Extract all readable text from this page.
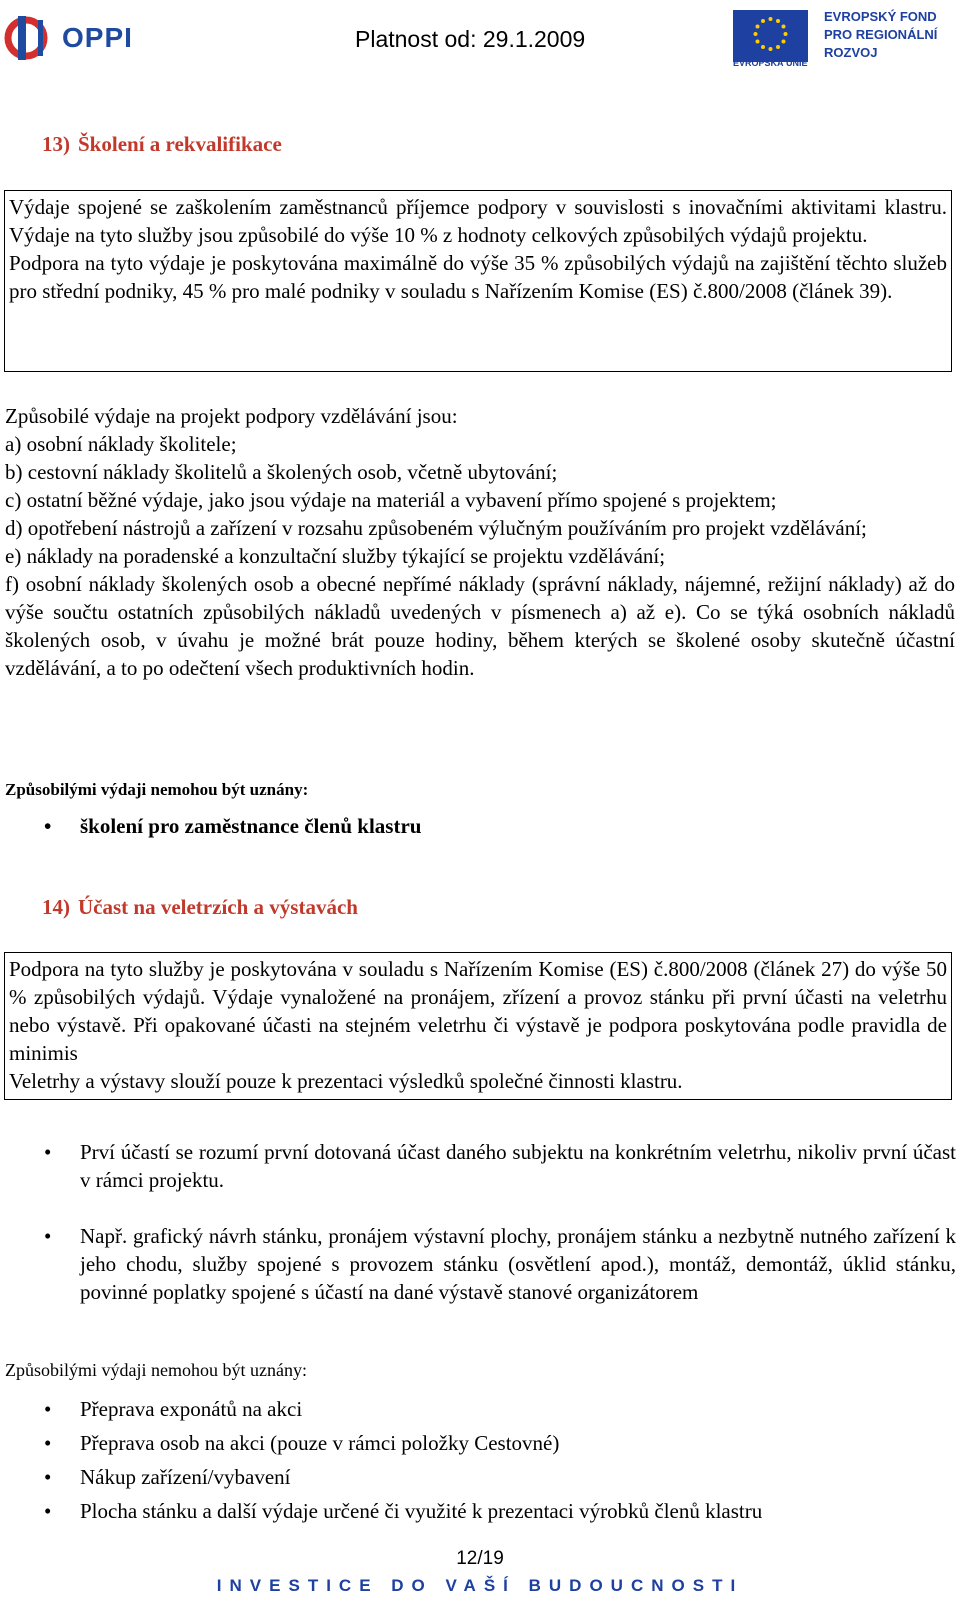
OPPI	Platnost od: 29.1.2009
EVROPSKÁ UNIE
EVROPSKÝ FOND
PRO REGIONÁLNÍ
ROZVOJ
13) Školení a rekvalifikace

Výdaje spojené se zaškolením zaměstnanců příjemce podpory v souvislosti s inovačními aktivitami klastru. Výdaje na tyto služby jsou způsobilé do výše 10 % z hodnoty celkových způsobilých výdajů projektu.

Podpora na tyto výdaje je poskytována maximálně do výše 35 % způsobilých výdajů na zajištění těchto služeb pro střední podniky, 45 % pro malé podniky v souladu s Nařízením Komise (ES) č.800/2008 (článek 39).

Způsobilé výdaje na projekt podpory vzdělávání jsou:

a) osobní náklady školitele;

b) cestovní náklady školitelů a školených osob, včetně ubytování;

c) ostatní běžné výdaje, jako jsou výdaje na materiál a vybavení přímo spojené s projektem;

d) opotřebení nástrojů a zařízení v rozsahu způsobeném výlučným používáním pro projekt vzdělávání;

e) náklady na poradenské a konzultační služby týkající se projektu vzdělávání;

f) osobní náklady školených osob a obecné nepřímé náklady (správní náklady, nájemné, režijní náklady) až do výše součtu ostatních způsobilých nákladů uvedených v písmenech a) až e). Co se týká osobních nákladů školených osob, v úvahu je možné brát pouze hodiny, během kterých se školené osoby skutečně účastní vzdělávání, a to po odečtení všech produktivních hodin.

Způsobilými výdaji nemohou být uznány:
• školení pro zaměstnance členů klastru
14) Účast na veletrzích a výstavách

Podpora na tyto služby je poskytována v souladu s Nařízením Komise (ES) č.800/2008 (článek 27) do výše 50 % způsobilých výdajů. Výdaje vynaložené na pronájem, zřízení a provoz stánku při první účasti na veletrhu nebo výstavě. Při opakované účasti na stejném veletrhu či výstavě je podpora poskytována podle pravidla de minimis

Veletrhy a výstavy slouží pouze k prezentaci výsledků společné činnosti klastru.

• Prví účastí se rozumí první dotovaná účast daného subjektu na konkrétním veletrhu, nikoliv první účast v rámci projektu.
• Např. grafický návrh stánku, pronájem výstavní plochy, pronájem stánku a nezbytně nutného zařízení k jeho chodu, služby spojené s provozem stánku (osvětlení apod.), montáž, demontáž, úklid stánku, povinné poplatky spojené s účastí na dané výstavě stanové organizátorem
Způsobilými výdaji nemohou být uznány:
• Přeprava exponátů na akci
• Přeprava osob na akci (pouze v rámci položky Cestovné)
• Nákup zařízení/vybavení
• Plocha stánku a další výdaje určené či využité k prezentaci výrobků členů klastru
12/19
INVESTICE DO VAŠÍ BUDOUCNOSTI
